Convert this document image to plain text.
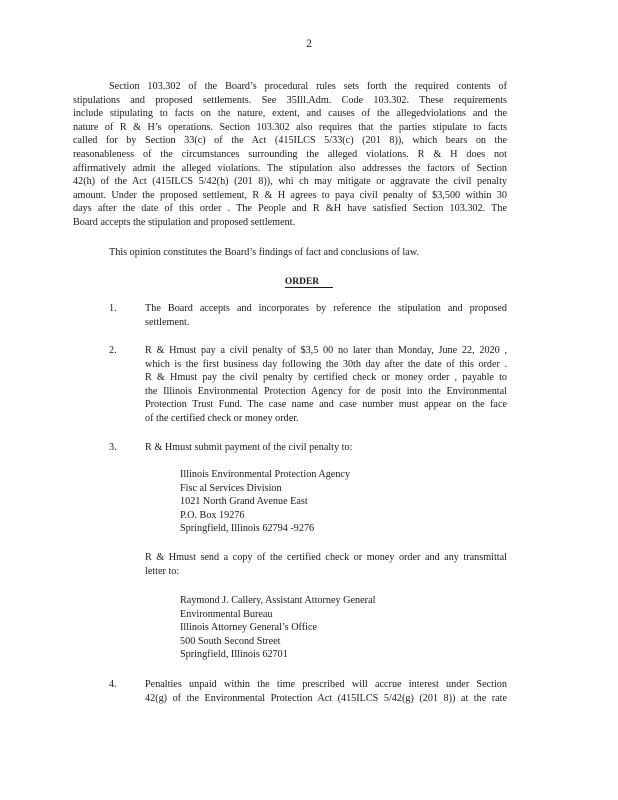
2
Section 103.302 of the Board’s procedural rules sets forth the required contents of
stipulations and proposed settlements. See 35Ill.Adm. Code 103.302. These requirements
include stipulating to facts on the nature, extent, and causes of the allegedviolations and the
nature of R & H’s operations. Section 103.302 also requires that the parties stipulate to facts
called for by Section 33(c) of the Act (415ILCS 5/33(c) (201 8)), which bears on the
reasonableness of the circumstances surrounding the alleged violations. R & H does not
affirmatively admit the alleged violations. The stipulation also addresses the factors of Section
42(h) of the Act (415ILCS 5/42(h) (201 8)), whi ch may mitigate or aggravate the civil penalty
amount. Under the proposed settlement, R & H agrees to paya civil penalty of $3,500 within 30
days after the date of this order . The People and R &H have satisfied Section 103.302. The
Board accepts the stipulation and proposed settlement.
This opinion constitutes the Board’s findings of fact and conclusions of law.
ORDER
1.	The Board accepts and incorporates by reference the stipulation and proposed
settlement.
2.	R & Hmust pay a civil penalty of $3,5 00 no later than Monday, June 22, 2020 ,
which is the first business day following the 30th day after the date of this order .
R & Hmust pay the civil penalty by certified check or money order , payable to
the Illinois Environmental Protection Agency for de posit into the Environmental
Protection Trust Fund. The case name and case number must appear on the face
of the certified check or money order.
3.	R & Hmust submit payment of the civil penalty to:
Illinois Environmental Protection Agency
Fisc al Services Division
1021 North Grand Avenue East
P.O. Box 19276
Springfield, Illinois 62794 -9276
R & Hmust send a copy of the certified check or money order and any transmittal
letter to:
Raymond J. Callery, Assistant Attorney General
Environmental Bureau
Illinois Attorney General’s Office
500 South Second Street
Springfield, Illinois 62701
4.	Penalties unpaid within the time prescribed will accrue interest under Section
42(g) of the Environmental Protection Act (415ILCS 5/42(g) (201 8)) at the rate
